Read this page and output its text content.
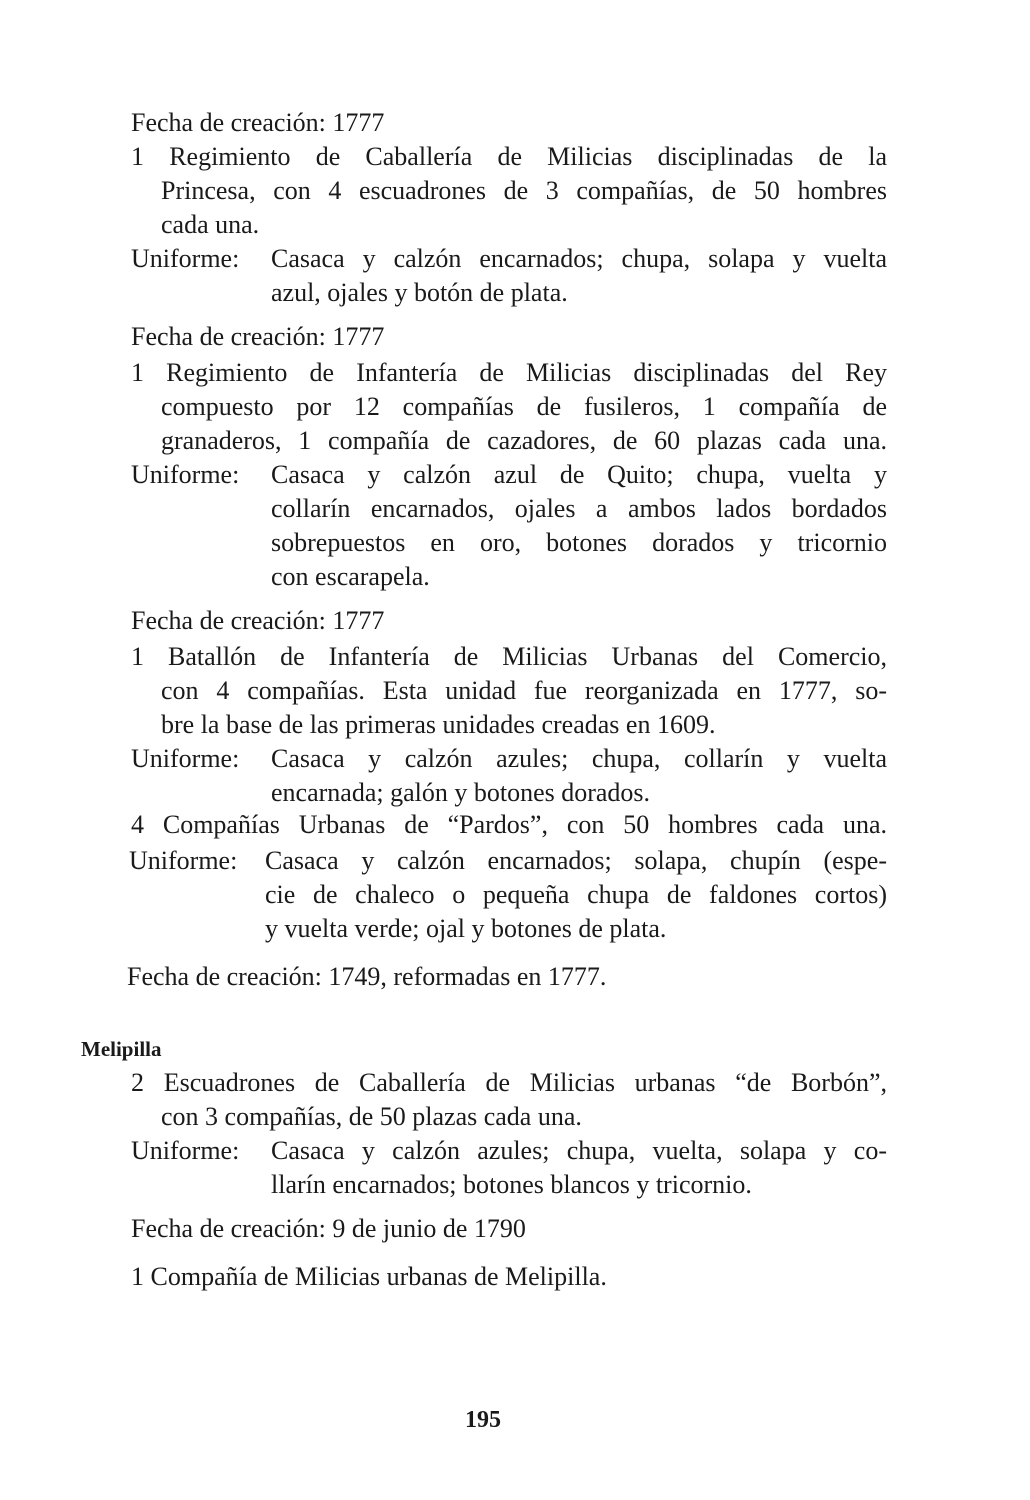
Fecha de creación: 1777
1 Regimiento de Caballería de Milicias disciplinadas de la
Princesa, con 4 escuadrones de 3 compañías, de 50 hombres
cada una.
Uniforme: Casaca y calzón encarnados; chupa, solapa y vuelta
azul, ojales y botón de plata.
Fecha de creación: 1777
1 Regimiento de Infantería de Milicias disciplinadas del Rey
compuesto por 12 compañías de fusileros, 1 compañía de
granaderos, 1 compañía de cazadores, de 60 plazas cada una.
Uniforme: Casaca y calzón azul de Quito; chupa, vuelta y
collarín encarnados, ojales a ambos lados bordados
sobrepuestos en oro, botones dorados y tricornio
con escarapela.
Fecha de creación: 1777
1 Batallón de Infantería de Milicias Urbanas del Comercio,
con 4 compañías. Esta unidad fue reorganizada en 1777, so-
bre la base de las primeras unidades creadas en 1609.
Uniforme: Casaca y calzón azules; chupa, collarín y vuelta
encarnada; galón y botones dorados.
4 Compañías Urbanas de “Pardos”, con 50 hombres cada una.
Uniforme: Casaca y calzón encarnados; solapa, chupín (espe-
cie de chaleco o pequeña chupa de faldones cortos)
y vuelta verde; ojal y botones de plata.
Fecha de creación: 1749, reformadas en 1777.
Melipilla
2 Escuadrones de Caballería de Milicias urbanas “de Borbón”,
con 3 compañías, de 50 plazas cada una.
Uniforme: Casaca y calzón azules; chupa, vuelta, solapa y co-
llarín encarnados; botones blancos y tricornio.
Fecha de creación: 9 de junio de 1790
1 Compañía de Milicias urbanas de Melipilla.
195
